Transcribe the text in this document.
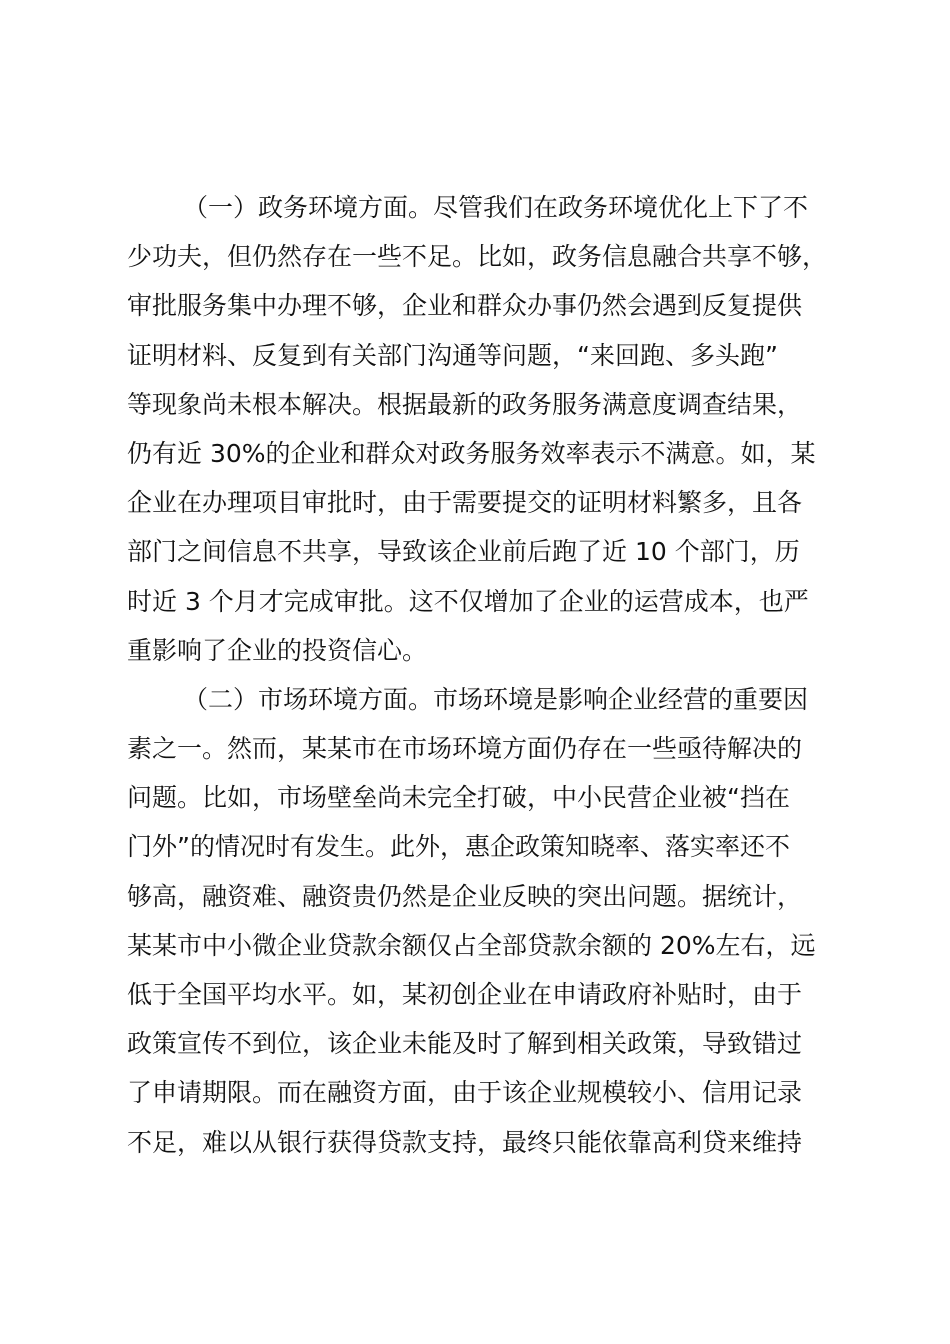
（一）政务环境方面。尽管我们在政务环境优化上下了不
少功夫，但仍然存在一些不足。比如，政务信息融合共享不够，
审批服务集中办理不够，企业和群众办事仍然会遇到反复提供
证明材料、反复到有关部门沟通等问题，“来回跑、多头跑”
等现象尚未根本解决。根据最新的政务服务满意度调查结果，
仍有近 30%的企业和群众对政务服务效率表示不满意。如，某
企业在办理项目审批时，由于需要提交的证明材料繁多，且各
部门之间信息不共享，导致该企业前后跑了近 10 个部门，历
时近 3 个月才完成审批。这不仅增加了企业的运营成本，也严
重影响了企业的投资信心。
（二）市场环境方面。市场环境是影响企业经营的重要因
素之一。然而，某某市在市场环境方面仍存在一些亟待解决的
问题。比如，市场壁垒尚未完全打破，中小民营企业被“挡在
门外”的情况时有发生。此外，惠企政策知晓率、落实率还不
够高，融资难、融资贵仍然是企业反映的突出问题。据统计，
某某市中小微企业贷款余额仅占全部贷款余额的 20%左右，远
低于全国平均水平。如，某初创企业在申请政府补贴时，由于
政策宣传不到位，该企业未能及时了解到相关政策，导致错过
了申请期限。而在融资方面，由于该企业规模较小、信用记录
不足，难以从银行获得贷款支持，最终只能依靠高利贷来维持
